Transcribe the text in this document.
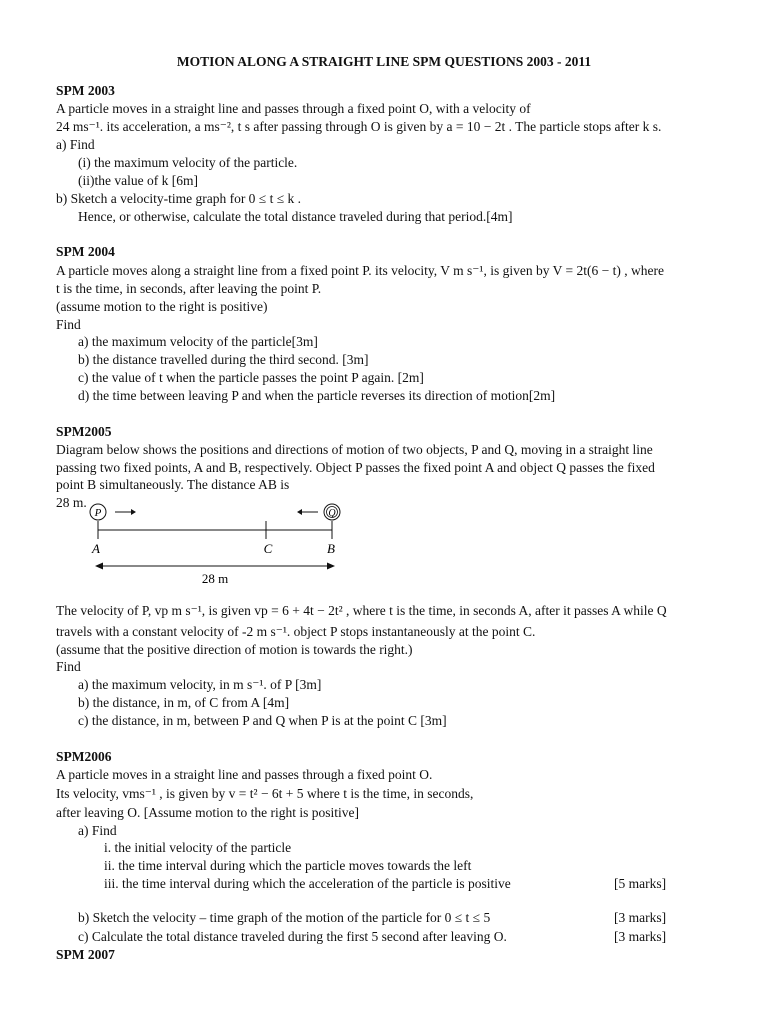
MOTION ALONG A STRAIGHT LINE SPM QUESTIONS 2003 - 2011
SPM 2003
A particle moves in a straight line and passes through a fixed point O, with a velocity of
24 ms⁻¹. its acceleration, a ms⁻², t s after passing through O is given by a = 10 − 2t . The particle stops after k s.
a) Find
(i) the maximum velocity of the particle.
(ii)the value of k [6m]
b) Sketch a velocity-time graph for 0 ≤ t ≤ k .
Hence, or otherwise, calculate the total distance traveled during that period.[4m]
SPM 2004
A particle moves along a straight line from a fixed point P. its velocity, V m s⁻¹, is given by V = 2t(6 − t) , where
t is the time, in seconds, after leaving the point P.
(assume motion to the right is positive)
Find
a) the maximum velocity of the particle[3m]
b) the distance travelled during the third second. [3m]
c) the value of t when the particle passes the point P again. [2m]
d) the time between leaving P and when the particle reverses its direction of motion[2m]
SPM2005
Diagram below shows the positions and directions of motion of two objects, P and Q, moving in a straight line
passing two fixed points, A and B, respectively. Object P passes the fixed point A and object Q passes the fixed
point B simultaneously. The distance AB is
28 m.
P	Q
A	C	B
28 m
The velocity of P, vp m s⁻¹, is given vp = 6 + 4t − 2t² , where t is the time, in seconds A, after it passes A while Q
travels with a constant velocity of -2 m s⁻¹. object P stops instantaneously at the point C.
(assume that the positive direction of motion is towards the right.)
Find
a) the maximum velocity, in m s⁻¹. of P [3m]
b) the distance, in m, of C from A [4m]
c) the distance, in m, between P and Q when P is at the point C [3m]
SPM2006
A particle moves in a straight line and passes through a fixed point O.
Its velocity, vms⁻¹ , is given by v = t² − 6t + 5 where t is the time, in seconds,
after leaving O. [Assume motion to the right is positive]
a) Find
i. the initial velocity of the particle
ii. the time interval during which the particle moves towards the left
iii. the time interval during which the acceleration of the particle is positive	[5 marks]
b) Sketch the velocity – time graph of the motion of the particle for 0 ≤ t ≤ 5	[3 marks]
c) Calculate the total distance traveled during the first 5 second after leaving O.	[3 marks]
SPM 2007
